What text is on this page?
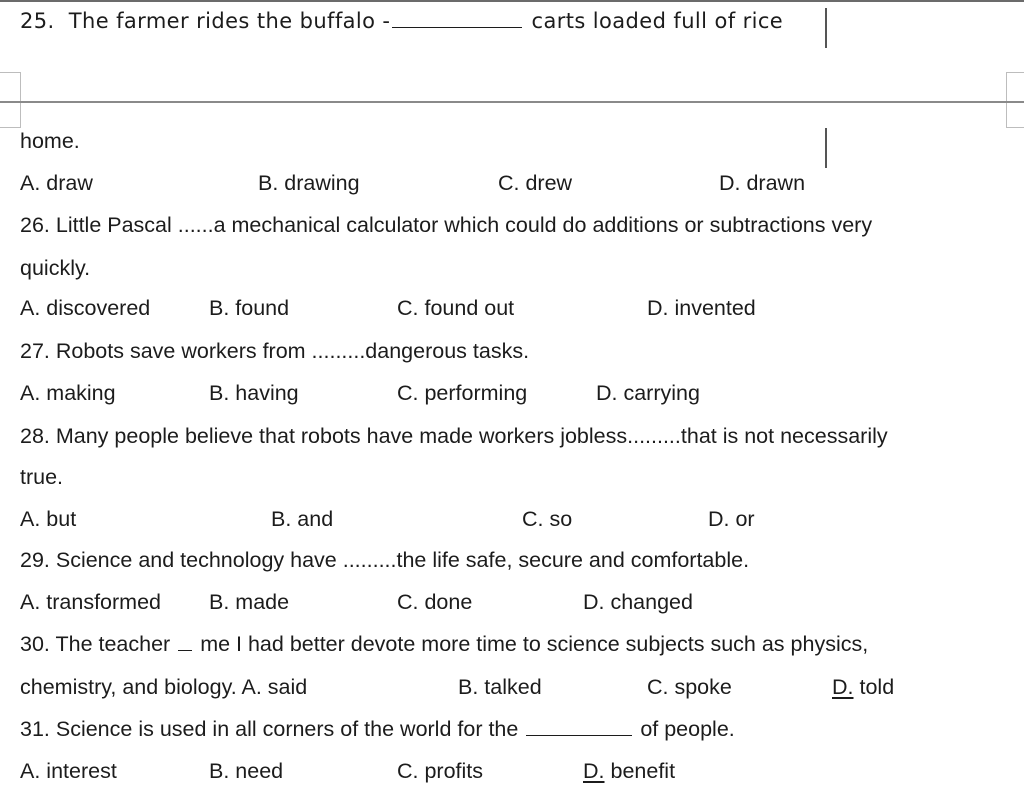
25. The farmer rides the buffalo -	carts loaded full of rice
home.
A. draw	B. drawing	C. drew	D. drawn
26. Little Pascal ......a mechanical calculator which could do additions or subtractions very
quickly.
A. discovered	B. found	C. found out	D. invented
27. Robots save workers from .........dangerous tasks.
A. making	B. having	C. performing	D. carrying
28. Many people believe that robots have made workers jobless.........that is not necessarily
true.
A. but	B. and	C. so	D. or
29. Science and technology have .........the life safe, secure and comfortable.
A. transformed B. made	C. done	D. changed
30. The teacher me I had better devote more time to science subjects such as physics,
chemistry, and biology. A. said	B. talked	C. spoke	D. told
31. Science is used in all corners of the world for the	of people.
A. interest	B. need	C. profits	D. benefit
